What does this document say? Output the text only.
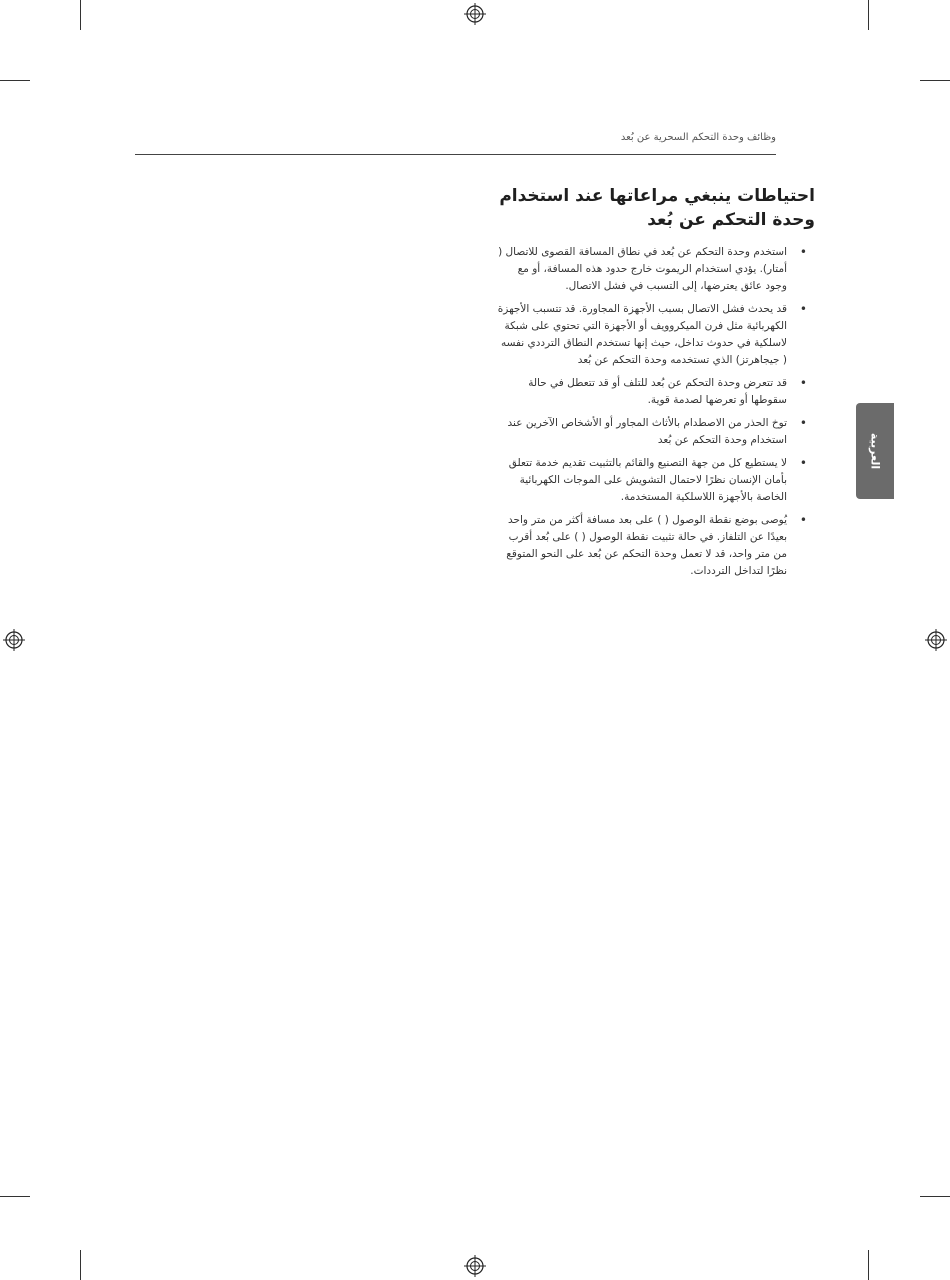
وظائف وحدة التحكم السحرية عن بُعد
احتياطات ينبغي مراعاتها عند استخدام وحدة التحكم عن بُعد
• استخدم وحدة التحكم عن بُعد في نطاق المسافة القصوى للاتصال ( أمتار). يؤدي استخدام الريموت خارج حدود هذه المسافة، أو مع وجود عائق يعترضها، إلى التسبب في فشل الاتصال.
• قد يحدث فشل الاتصال بسبب الأجهزة المجاورة. قد تتسبب الأجهزة الكهربائية مثل فرن الميكروويف أو الأجهزة التي تحتوي على شبكة لاسلكية في حدوث تداخل، حيث إنها تستخدم النطاق الترددي نفسه ( جيجاهرتز) الذي تستخدمه وحدة التحكم عن بُعد
• قد تتعرض وحدة التحكم عن بُعد للتلف أو قد تتعطل في حالة سقوطها أو تعرضها لصدمة قوية.
• توخ الحذر من الاصطدام بالأثاث المجاور أو الأشخاص الآخرين عند استخدام وحدة التحكم عن بُعد
• لا يستطيع كل من جهة التصنيع والقائم بالتثبيت تقديم خدمة تتعلق بأمان الإنسان نظرًا لاحتمال التشويش على الموجات الكهربائية الخاصة بالأجهزة اللاسلكية المستخدمة.
• يُوصى بوضع نقطة الوصول ( ) على بعد مسافة أكثر من متر واحد بعيدًا عن التلفاز. في حالة تثبيت نقطة الوصول ( ) على بُعد أقرب من متر واحد، قد لا تعمل وحدة التحكم عن بُعد على النحو المتوقع نظرًا لتداخل الترددات.
العربية
